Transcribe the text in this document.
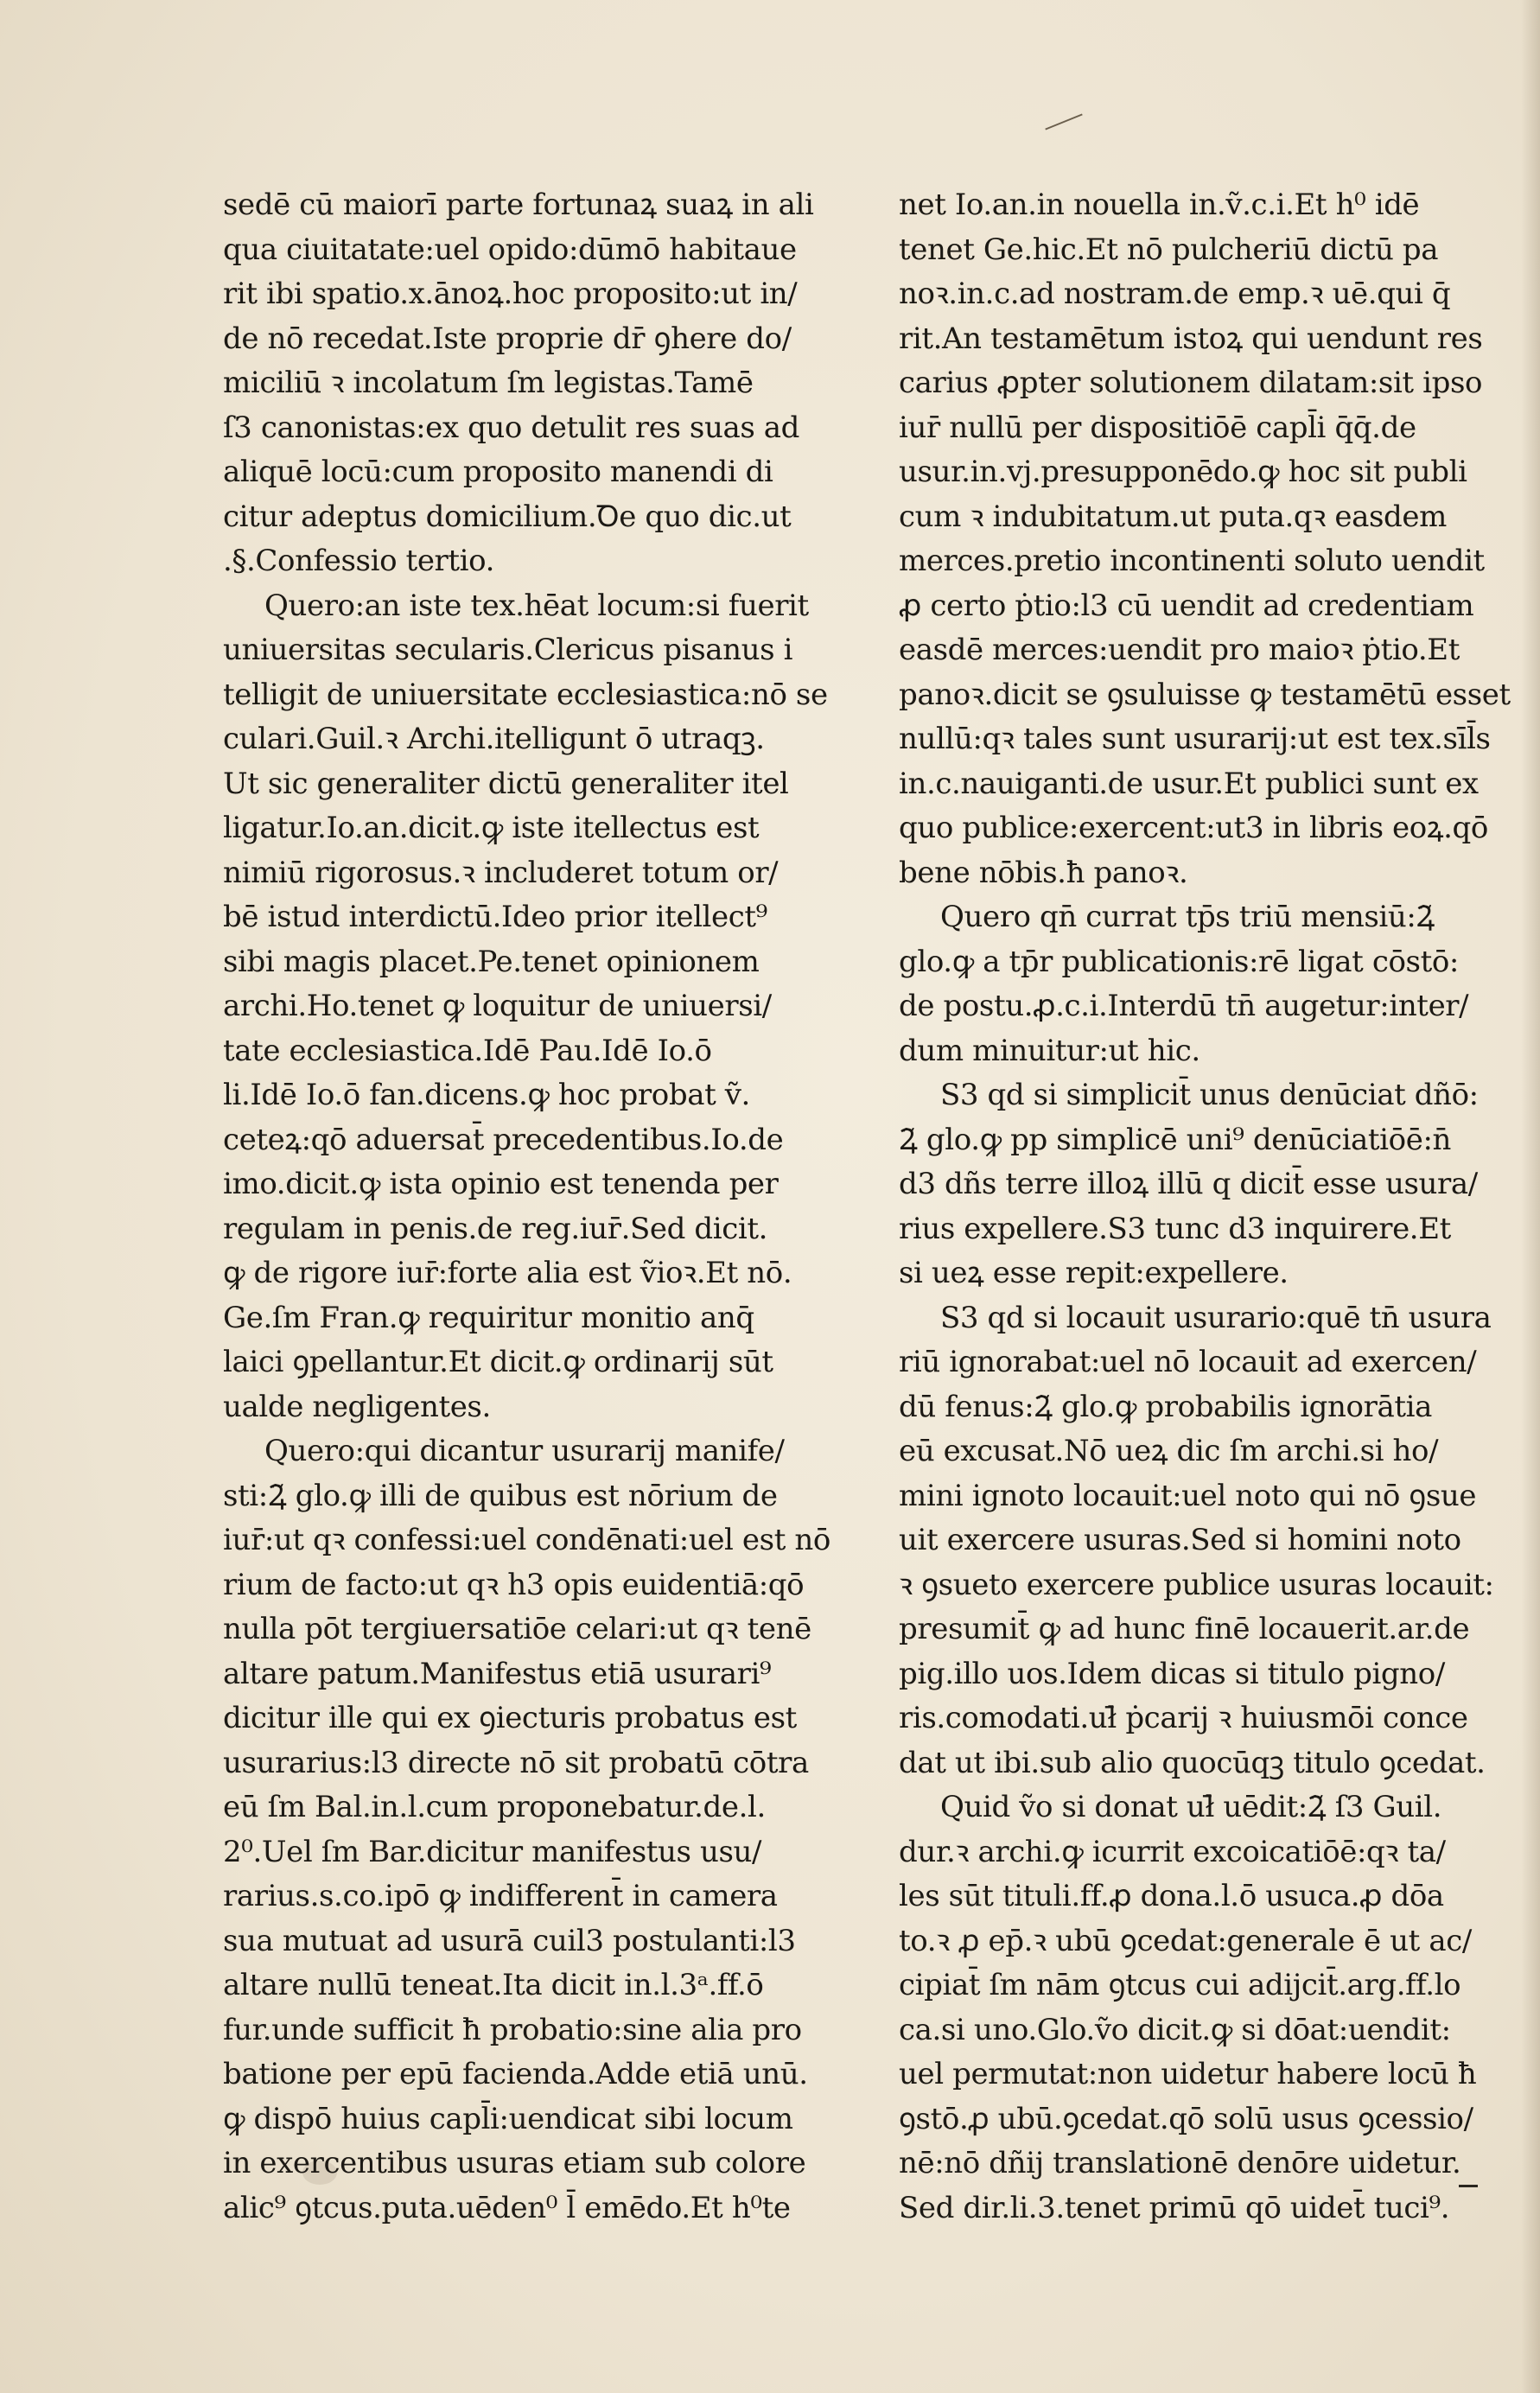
sedē cū maiorī parte fortunaꝝ suaꝝ in ali
qua ciuitatate:uel opido:dūmō habitaue
rit ibi spatio.x.ānoꝝ.hoc proposito:ut in/
de nō recedat.Iste proprie dr̄ ꝯhere do/
miciliū ꝛ incolatum ſm legistas.Tamē
ſ3 canonistas:ex quo detulit res suas ad
aliquē locū:cum proposito manendi di
citur adeptus domicilium.Ꝺe quo dic.ut
.§.Confessio tertio.
Quero:an iste tex.hēat locum:si fuerit
uniuersitas secularis.Clericus pisanus i
telligit de uniuersitate ecclesiastica:nō se
culari.Guil.ꝛ Archi.itelligunt ō utraqꝫ.
Ut sic generaliter dictū generaliter itel
ligatur.Io.an.dicit.ꝙ iste itellectus est
nimiū rigorosus.ꝛ includeret totum or/
bē istud interdictū.Ideo prior itellect⁹
sibi magis placet.Pe.tenet opinionem
archi.Ho.tenet ꝙ loquitur de uniuersi/
tate ecclesiastica.Idē Pau.Idē Io.ō
li.Idē Io.ō fan.dicens.ꝙ hoc probat ṽ.
ceteꝝ:qō aduersat̄ precedentibus.Io.de
imo.dicit.ꝙ ista opinio est tenenda per
regulam in penis.de reg.iur̄.Sed dicit.
ꝙ de rigore iur̄:forte alia est ṽioꝛ.Et nō.
Ge.ſm Fran.ꝙ requiritur monitio anq̄
laici ꝯpellantur.Et dicit.ꝙ ordinarij sūt
ualde negligentes.
Quero:qui dicantur usurarij manife/
sti:Ꝝ̃ glo.ꝙ illi de quibus est nōrium de
iur̄:ut qꝛ confessi:uel condēnati:uel est nō
rium de facto:ut qꝛ h3 opis euidentiā:qō
nulla pōt tergiuersatiōe celari:ut qꝛ tenē
altare patum.Manifestus etiā usurari⁹
dicitur ille qui ex ꝯiecturis probatus est
usurarius:l3 directe nō sit probatū cōtra
eū ſm Bal.in.l.cum proponebatur.de.l.
2⁰.Uel ſm Bar.dicitur manifestus usu/
rarius.s.co.ipō ꝙ indifferent̄ in camera
sua mutuat ad usurā cuil3 postulanti:l3
altare nullū teneat.Ita dicit in.l.3ᵃ.ff.ō
fur.unde sufficit ħ probatio:sine alia pro
batione per epū facienda.Adde etiā unū.
ꝙ dispō huius capl̄i:uendicat sibi locum
in exercentibus usuras etiam sub colore
alic⁹ ꝯtcus.puta.uēden⁰ l̄ emēdo.Et h⁰te
net Io.an.in nouella in.ṽ.c.i.Et h⁰ idē
tenet Ge.hic.Et nō pulcheriū dictū pa
noꝛ.in.c.ad nostram.de emp.ꝛ uē.qui q̄
rit.An testamētum istoꝝ qui uendunt res
carius ꝓpter solutionem dilatam:sit ipso
iur̄ nullū per dispositiōē capl̄i q̄q̄.de
usur.in.vj.presupponēdo.ꝙ hoc sit publi
cum ꝛ indubitatum.ut puta.qꝛ easdem
merces.pretio incontinenti soluto uendit
ꝓ certo ṗtio:l3 cū uendit ad credentiam
easdē merces:uendit pro maioꝛ ṗtio.Et
panoꝛ.dicit se ꝯsuluisse ꝙ testamētū esset
nullū:qꝛ tales sunt usurarij:ut est tex.sīl̄s
in.c.nauiganti.de usur.Et publici sunt ex
quo publice:exercent:ut3 in libris eoꝝ.qō
bene nōbis.ħ panoꝛ.
Quero qn̄ currat tp̄s triū mensiū:Ꝝ̃
glo.ꝙ a tp̄r publicationis:rē ligat cōstō:
de postu.ꝓ.c.i.Interdū tn̄ augetur:inter/
dum minuitur:ut hic.
S3 qd si simplicit̄ unus denūciat dñō:
Ꝝ̃ glo.ꝙ pp simplicē uni⁹ denūciatiōē:n̄
d3 dñs terre illoꝝ illū q dicit̄ esse usura/
rius expellere.S3 tunc d3 inquirere.Et
si ueꝝ esse repit:expellere.
S3 qd si locauit usurario:quē tn̄ usura
riū ignorabat:uel nō locauit ad exercen/
dū fenus:Ꝝ̃ glo.ꝙ probabilis ignorātia
eū excusat.Nō ueꝝ dic ſm archi.si ho/
mini ignoto locauit:uel noto qui nō ꝯsue
uit exercere usuras.Sed si homini noto
ꝛ ꝯsueto exercere publice usuras locauit:
presumit̄ ꝙ ad hunc finē locauerit.ar.de
pig.illo uos.Idem dicas si titulo pigno/
ris.comodati.uł̄ ṗcarij ꝛ huiusmōi conce
dat ut ibi.sub alio quocūqꝫ titulo ꝯcedat.
Quid ṽo si donat uł̄ uēdit:Ꝝ̃ ſ3 Guil.
dur.ꝛ archi.ꝙ icurrit excoicatiōē:qꝛ ta/
les sūt tituli.ff.ꝓ dona.l.ō usuca.ꝓ dōa
to.ꝛ ꝓ ep̄.ꝛ ubū ꝯcedat:generale ē ut ac/
cipiat̄ ſm nām ꝯtcus cui adijcit̄.arg.ff.lo
ca.si uno.Glo.ṽo dicit.ꝙ si dōat:uendit:
uel permutat:non uidetur habere locū ħ
ꝯstō.ꝓ ubū.ꝯcedat.qō solū usus ꝯcessio/
nē:nō dñij translationē denōre uidetur.
Sed dir.li.3.tenet primū qō uidet̄ tuci⁹.
